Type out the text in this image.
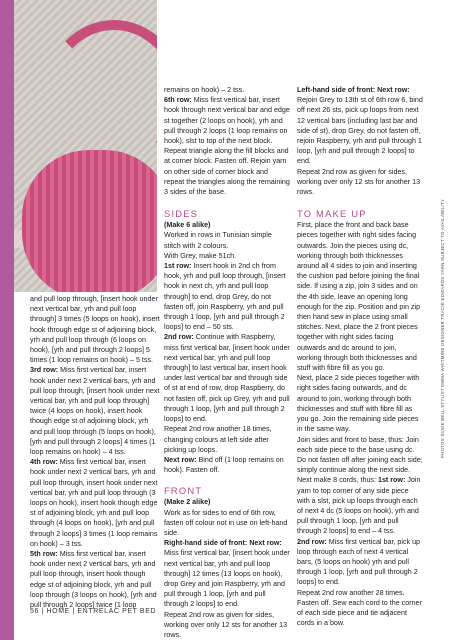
and pull loop through, [insert hook under next vertical bar, yrh and pull loop through] 3 times (5 loops on hook), insert hook through edge st of adjoining block, yrh and pull loop through (6 loops on hook), [yrh and pull through 2 loops] 5 times (1 loop remains on hook) – 5 tss.

3rd row: Miss first vertical bar, insert hook under next 2 vertical bars, yrh and pull loop through, [insert hook under next vertical bar, yrh and pull loop through] twice (4 loops on hook), insert hook though edge st of adjoining block, yrh and pull loop through (5 loops on hook), [yrh and pull through 2 loops] 4 times (1 loop remains on hook) – 4 tss.

4th row: Miss first vertical bar, insert hook under next 2 vertical bars, yrh and pull loop through, insert hook under next vertical bar, yrh and pull loop through (3 loops on hook), insert hook though edge st of adjoining block, yrh and pull loop through (4 loops on hook), [yrh and pull through 2 loops] 3 times (1 loop remains on hook) – 3 tss.

5th row: Miss first vertical bar, insert hook under next 2 vertical bars, yrh and pull loop through, insert hook though edge st of adjoining block, yrh and pull loop through (3 loops on hook), [yrh and pull through 2 loops] twice (1 loop

remains on hook) – 2 tss.

6th row: Miss first vertical bar, insert hook through next vertical bar and edge st together (2 loops on hook), yrh and pull through 2 loops (1 loop remains on hook), slst to top of the next block. Repeat triangle along the fill blocks and at corner block. Fasten off. Rejoin yarn on other side of corner block and repeat the triangles along the remaining 3 sides of the base.

SIDES

(Make 6 alike)

Worked in rows in Tunisian simple stitch with 2 colours.

With Grey, make 51ch.

1st row: Insert hook in 2nd ch from hook, yrh and pull loop through, [insert hook in next ch, yrh and pull loop through] to end, drop Grey, do not fasten off, join Raspberry, yrh and pull through 1 loop, [yrh and pull through 2 loops] to end – 50 sts.

2nd row: Continue with Raspberry, miss first vertical bar, [insert hook under next vertical bar, yrh and pull loop through] to last vertical bar, insert hook under last vertical bar and through side of st at end of row, drop Raspberry, do not fasten off, pick up Grey, yrh and pull through 1 loop, [yrh and pull through 2 loops] to end.

Repeat 2nd row another 18 times, changing colours at left side after picking up loops.

Next row: Bind off (1 loop remains on hook). Fasten off.

FRONT

(Make 2 alike)

Work as for sides to end of 6th row, fasten off colour not in use on left-hand side.

Right-hand side of front: Next row: Miss first vertical bar, [insert hook under next vertical bar, yrh and pull loop through] 12 times (13 loops on hook), drop Grey and join Raspberry, yrh and pull through 1 loop, [yrh and pull through 2 loops] to end.

Repeat 2nd row as given for sides, working over only 12 sts for another 13 rows.

Left-hand side of front: Next row: Rejoin Grey to 13th st of 6th row 6, bind off next 26 sts, pick up loops from next 12 vertical bars (including last bar and side of st), drop Grey, do not fasten off, rejoin Raspberry, yrh and pull through 1 loop, [yrh and pull through 2 loops] to end.

Repeat 2nd row as given for sides, working over only 12 sts for another 13 rows.

TO MAKE UP

First, place the front and back base pieces together with right sides facing outwards. Join the pieces using dc, working through both thicknesses around all 4 sides to join and inserting the cushion pad before joining the final side. If using a zip, join 3 sides and on the 4th side, leave an opening long enough for the zip. Position and pin zip then hand sew in place using small stitches. Next, place the 2 front pieces together with right sides facing outwards and dc around to join, working through both thicknesses and stuff with fibre fill as you go.

Next, place 2 side pieces together with right sides facing outwards, and dc around to join, working through both thicknesses and stuff with fibre fill as you go. Join the remaining side pieces in the same way.

Join sides and front to base, thus: Join each side piece to the base using dc. Do not fasten off after joining each side; simply continue along the next side.

Next make 8 cords, thus: 1st row: Join yarn to top corner of any side piece with a slst, pick up loops through each of next 4 dc (5 loops on hook), yrh and pull through 1 loop, [yrh and pull through 2 loops] to end – 4 tss.

2nd row: Miss first vertical bar, pick up loop through each of next 4 vertical bars, (5 loops on hook) yrh and pull through 1 loop, [yrh and pull through 2 loops] to end.

Repeat 2nd row another 28 times. Fasten off. Sew each cord to the corner of each side piece and tie adjacent cords in a bow.

56 | HOME | ENTRELAC PET BED
PHOTOS SUSIE BELL STYLIST EMMA WHITMIRE DESIGNER TRACIE EDWARDS YARN SUBJECT TO AVAILABILITY
